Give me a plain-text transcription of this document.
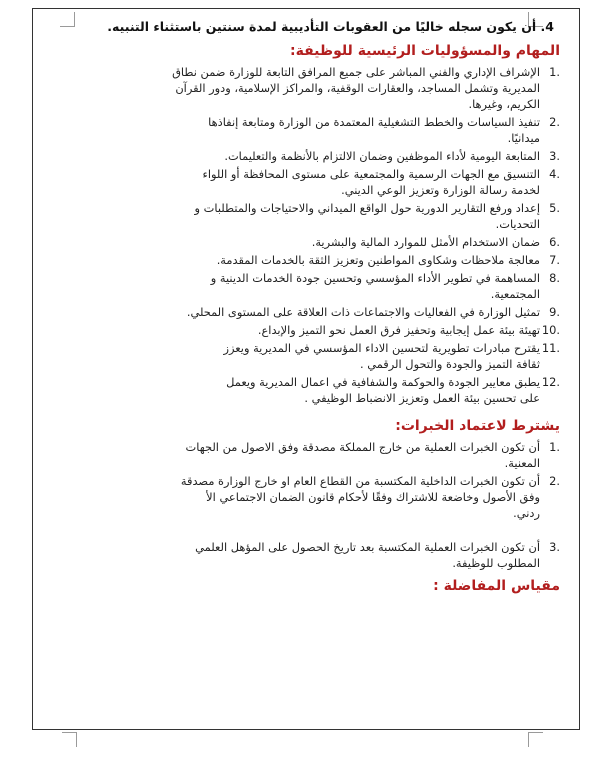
4. أن يكون سجله خاليًا من العقوبات التأديبية لمدة سنتين باستثناء التنبيه.
المهام والمسؤوليات الرئيسية للوظيفة:
1.
الإشراف الإداري والفني المباشر على جميع المرافق التابعة للوزارة ضمن نطاق
المديرية وتشمل المساجد، والعقارات الوقفية، والمراكز الإسلامية، ودور القرآن
الكريم، وغيرها.
2.
تنفيذ السياسات والخطط التشغيلية المعتمدة من الوزارة ومتابعة إنفاذها
ميدانيًا.
3.
المتابعة اليومية لأداء الموظفين وضمان الالتزام بالأنظمة والتعليمات.
4.
التنسيق مع الجهات الرسمية والمجتمعية على مستوى المحافظة أو اللواء
لخدمة رسالة الوزارة وتعزيز الوعي الديني.
5.
إعداد ورفع التقارير الدورية حول الواقع الميداني والاحتياجات والمتطلبات و
التحديات.
6.
ضمان الاستخدام الأمثل للموارد المالية والبشرية.
7.
معالجة ملاحظات وشكاوى المواطنين وتعزيز الثقة بالخدمات المقدمة.
8.
المساهمة في تطوير الأداء المؤسسي وتحسين جودة الخدمات الدينية و
المجتمعية.
9.
تمثيل الوزارة في الفعاليات والاجتماعات ذات العلاقة على المستوى المحلي.
10.
تهيئة بيئة عمل إيجابية وتحفيز فرق العمل نحو التميز والإبداع.
11.
يقترح مبادرات تطويرية لتحسين الاداء المؤسسي في المديرية ويعزز
ثقافة التميز والجودة والتحول الرقمي .
12.
يطبق معايير الجودة والحوكمة والشفافية في اعمال المديرية ويعمل
على تحسين بيئة العمل وتعزيز الانضباط الوظيفي .
يشترط لاعتماد الخبرات:
1.
أن تكون الخبرات العملية من خارج المملكة مصدقة وفق الاصول من الجهات
المعنية.
2.
أن تكون الخبرات الداخلية المكتسبة من القطاع العام او خارج الوزارة مصدقة
وفق الأصول وخاضعة للاشتراك وفقًا لأحكام قانون الضمان الاجتماعي الأ
ردني.
3.
أن تكون الخبرات العملية المكتسبة بعد تاريخ الحصول على المؤهل العلمي
المطلوب للوظيفة.
مقياس المفاضلة :
